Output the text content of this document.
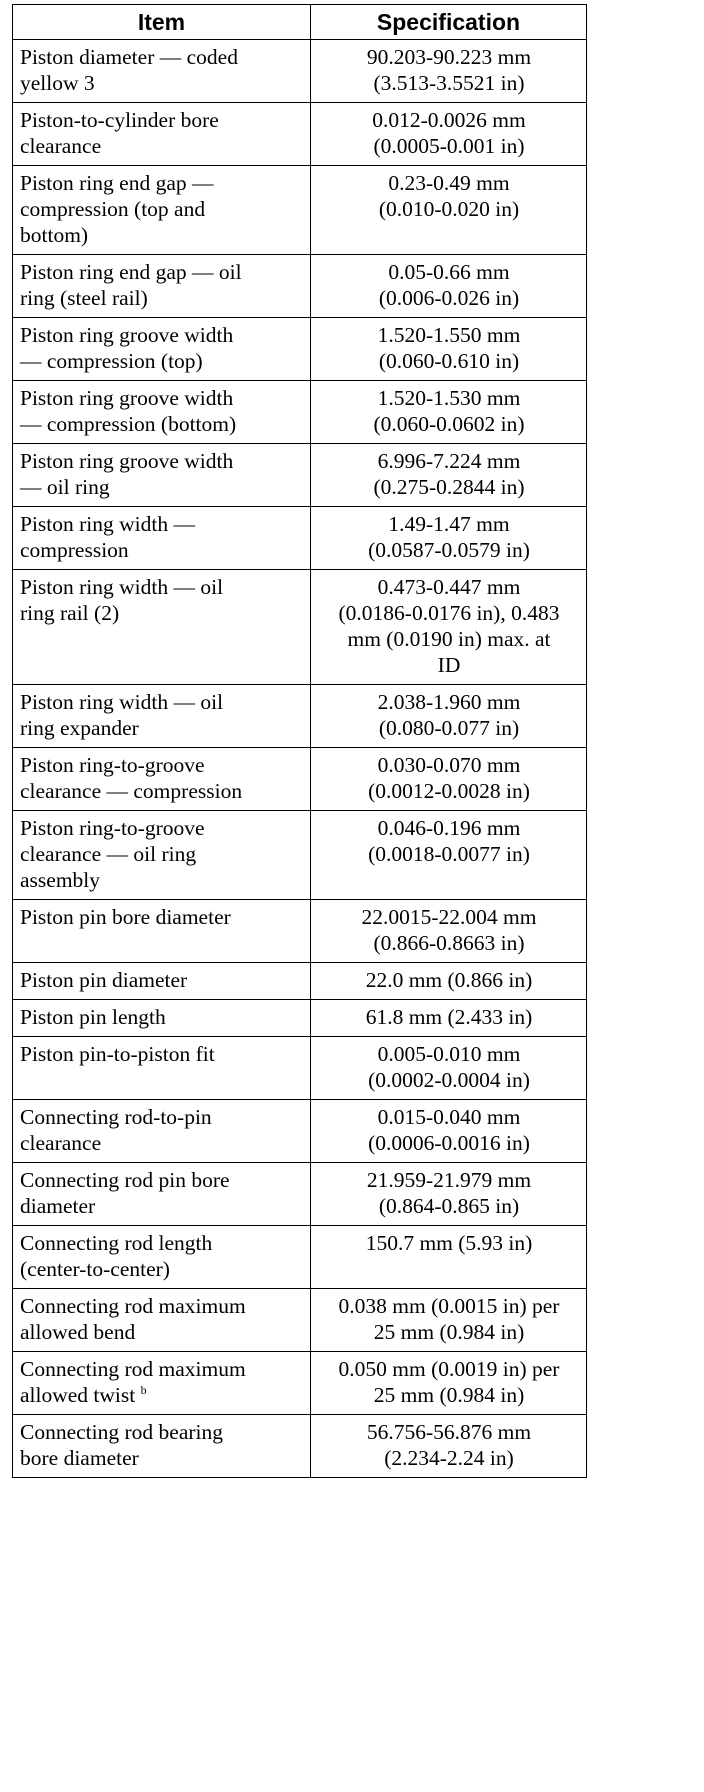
Item	Specification

Piston diameter — coded
yellow 3	90.203-90.223 mm
(3.513-3.5521 in)

Piston-to-cylinder bore
clearance	0.012-0.0026 mm
(0.0005-0.001 in)

Piston ring end gap —
compression (top and
bottom)	0.23-0.49 mm
(0.010-0.020 in)

Piston ring end gap — oil
ring (steel rail)	0.05-0.66 mm
(0.006-0.026 in)

Piston ring groove width
— compression (top)	1.520-1.550 mm
(0.060-0.610 in)

Piston ring groove width
— compression (bottom)	1.520-1.530 mm
(0.060-0.0602 in)

Piston ring groove width
— oil ring	6.996-7.224 mm
(0.275-0.2844 in)

Piston ring width —
compression	1.49-1.47 mm
(0.0587-0.0579 in)

Piston ring width — oil
ring rail (2)	0.473-0.447 mm
(0.0186-0.0176 in), 0.483
mm (0.0190 in) max. at
ID

Piston ring width — oil
ring expander	2.038-1.960 mm
(0.080-0.077 in)

Piston ring-to-groove
clearance — compression	0.030-0.070 mm
(0.0012-0.0028 in)

Piston ring-to-groove
clearance — oil ring
assembly	0.046-0.196 mm
(0.0018-0.0077 in)

Piston pin bore diameter	22.0015-22.004 mm
(0.866-0.8663 in)

Piston pin diameter	22.0 mm (0.866 in)

Piston pin length	61.8 mm (2.433 in)

Piston pin-to-piston fit	0.005-0.010 mm
(0.0002-0.0004 in)

Connecting rod-to-pin
clearance	0.015-0.040 mm
(0.0006-0.0016 in)

Connecting rod pin bore
diameter	21.959-21.979 mm
(0.864-0.865 in)

Connecting rod length
(center-to-center)	150.7 mm (5.93 in)

Connecting rod maximum
allowed bend	0.038 mm (0.0015 in) per
25 mm (0.984 in)

Connecting rod maximum
allowed twist $^b$	0.050 mm (0.0019 in) per
25 mm (0.984 in)

Connecting rod bearing
bore diameter	56.756-56.876 mm
(2.234-2.24 in)
